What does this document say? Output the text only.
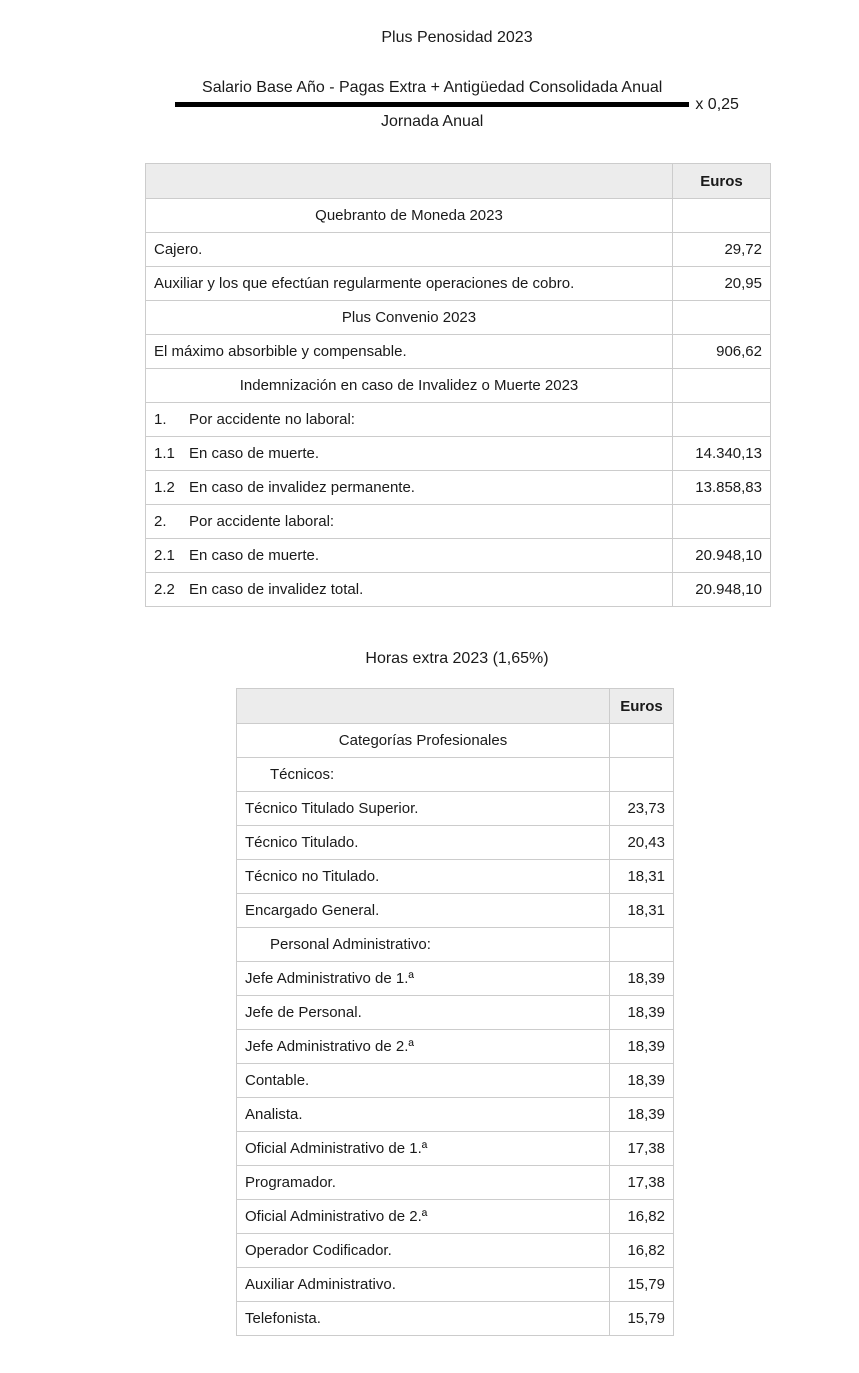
Plus Penosidad 2023
Salario Base Año - Pagas Extra + Antigüedad Consolidada Anual
Jornada Anual
x 0,25
	Euros
Quebranto de Moneda 2023	
Cajero.	29,72
Auxiliar y los que efectúan regularmente operaciones de cobro.	20,95
Plus Convenio 2023	
El máximo absorbible y compensable.	906,62
Indemnización en caso de Invalidez o Muerte 2023	
1. Por accidente no laboral:	
1.1 En caso de muerte.	14.340,13
1.2 En caso de invalidez permanente.	13.858,83
2. Por accidente laboral:	
2.1 En caso de muerte.	20.948,10
2.2 En caso de invalidez total.	20.948,10
Horas extra 2023 (1,65%)
	Euros
Categorías Profesionales	
Técnicos:	
Técnico Titulado Superior.	23,73
Técnico Titulado.	20,43
Técnico no Titulado.	18,31
Encargado General.	18,31
Personal Administrativo:	
Jefe Administrativo de 1.ª	18,39
Jefe de Personal.	18,39
Jefe Administrativo de 2.ª	18,39
Contable.	18,39
Analista.	18,39
Oficial Administrativo de 1.ª	17,38
Programador.	17,38
Oficial Administrativo de 2.ª	16,82
Operador Codificador.	16,82
Auxiliar Administrativo.	15,79
Telefonista.	15,79
